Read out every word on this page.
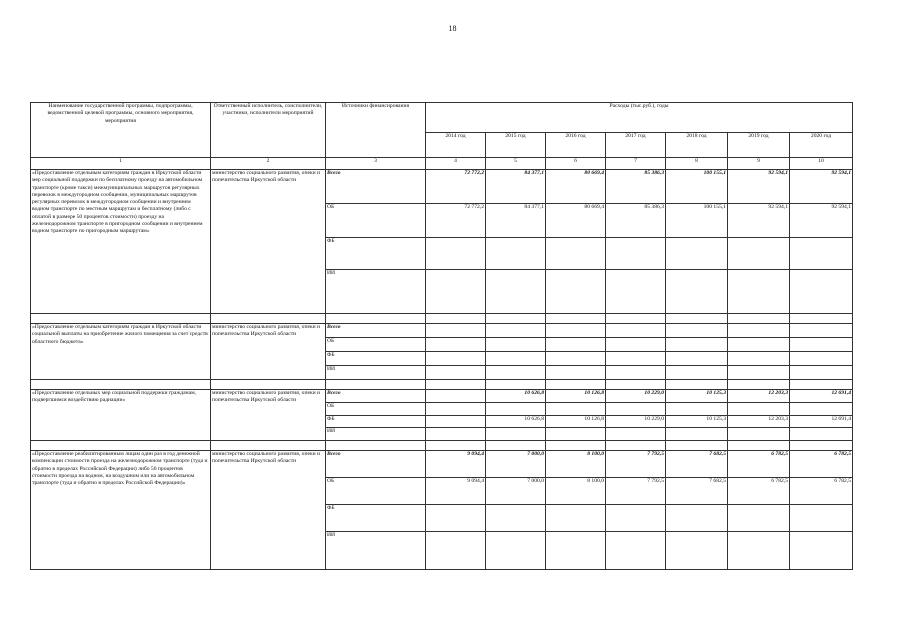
18
Наименование государственной программы, подпрограммы, ведомственной целевой программы, основного мероприятия, мероприятия	Ответственный исполнитель, соисполнители, участники, исполнители мероприятий	Источники финансирования	Расходы (тыс.руб.), годы						
			2014 год	2015 год	2016 год	2017 год	2018 год	2019 год	2020 год
1	2	3	4	5	6	7	8	9	10
«Предоставление отдельным категориям граждан в Иркутской области мер социальной поддержки по бесплатному проезду на автомобильном транспорте (кроме такси) межмуниципальных маршрутов регулярных перевозок в междугородном сообщении, муниципальных маршрутов регулярных перевозок в междугородном сообщении и внутреннем водном транспорте по местным маршрутам и бесплатному (либо с оплатой в размере 50 процентов стоимости) проезду на железнодорожном транспорте в пригородном сообщении и внутреннем водном транспорте по пригородным маршрутам»	министерство социального развития, опеки и попечительства Иркутской области	Всего	72 772,2	84 377,1	80 669,4	85 386,3	100 155,1	92 594,1	92 594,1
		ОБ	72 772,2	84 377,1	80 669,4	85 386,3	100 155,1	92 594,1	92 594,1
		ФБ							
		ИИ							

«Предоставление отдельным категориям граждан в Иркутской области социальной выплаты на приобретение жилого помещения за счет средств областного бюджета»	министерство социального развития, опеки и попечительства Иркутской области	Всего							
		ОБ							
		ФБ							
		ИИ							

«Предоставление отдельных мер социальной поддержки гражданам, подвергшимся воздействию радиации»	министерство социального развития, опеки и попечительства Иркутской области	Всего		10 626,8	10 126,8	10 229,0	10 125,3	12 203,3	12 691,4
		ОБ							
		ФБ		10 626,8	10 126,8	10 229,0	10 125,3	12 203,3	12 691,4
		ИИ							

«Предоставление реабилитированным лицам один раз в год денежной компенсации стоимости проезда на железнодорожном транспорте (туда и обратно в пределах Российской Федерации) либо 50 процентов стоимости проезда на водном, на воздушном или на автомобильном транспорте (туда и обратно в пределах Российской Федерации)»	министерство социального развития, опеки и попечительства Иркутской области	Всего	9 094,4	7 000,0	8 100,0	7 792,5	7 682,5	6 782,5	6 782,5
		ОБ	9 094,4	7 000,0	8 100,0	7 792,5	7 682,5	6 782,5	6 782,5
		ФБ							
		ИИ							
